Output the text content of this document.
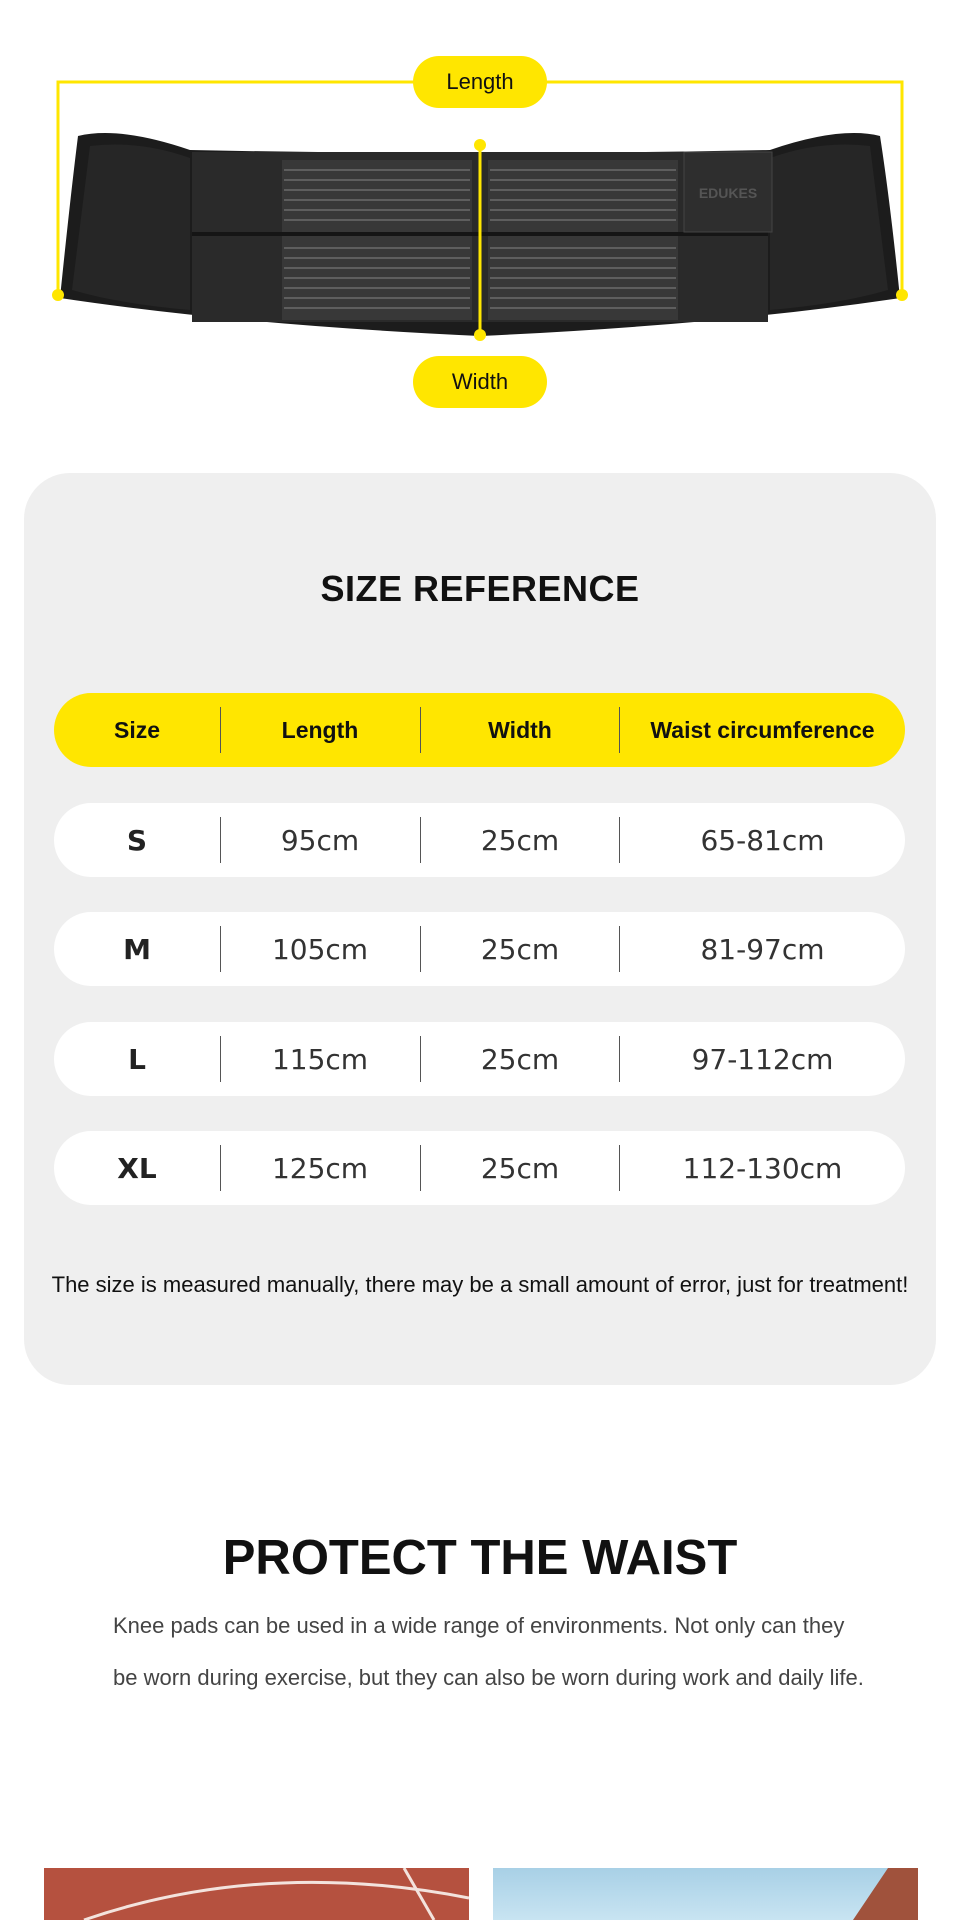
EDUKES
Length
Width
SIZE REFERENCE
Size	Length	Width	Waist circumference
S	95cm	25cm	65-81cm
M	105cm	25cm	81-97cm
L	115cm	25cm	97-112cm
XL	125cm	25cm	112-130cm
The size is measured manually, there may be a small amount of error, just for treatment!
PROTECT THE WAIST
Knee pads can be used in a wide range of environments. Not only can they be worn during exercise, but they can also be worn during work and daily life.
